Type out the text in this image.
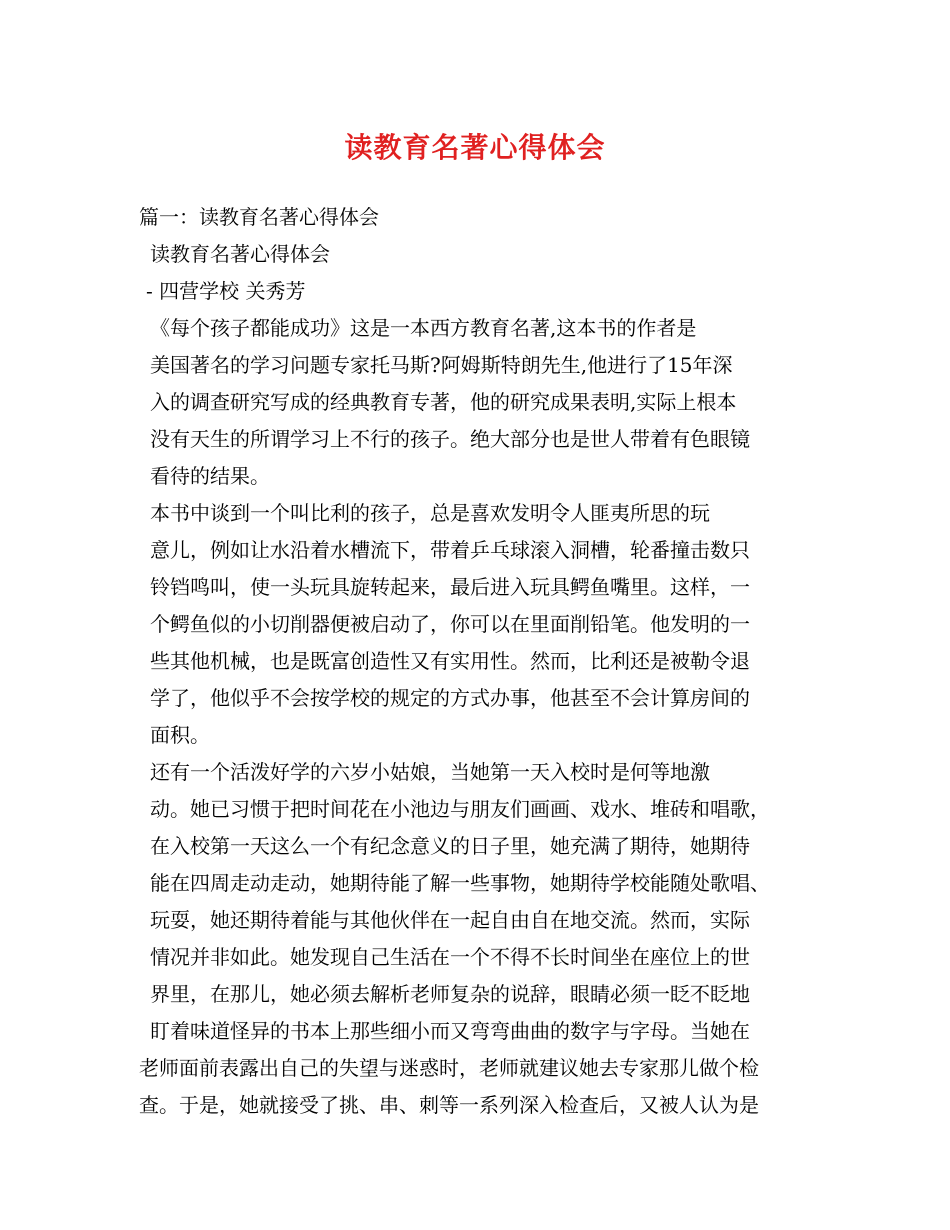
读教育名著心得体会
篇一：读教育名著心得体会
读教育名著心得体会
- 四营学校 关秀芳
《每个孩子都能成功》这是一本西方教育名著,这本书的作者是
美国著名的学习问题专家托马斯?阿姆斯特朗先生,他进行了15年深
入的调查研究写成的经典教育专著，他的研究成果表明,实际上根本
没有天生的所谓学习上不行的孩子。绝大部分也是世人带着有色眼镜
看待的结果。
本书中谈到一个叫比利的孩子，总是喜欢发明令人匪夷所思的玩
意儿，例如让水沿着水槽流下，带着乒乓球滚入洞槽，轮番撞击数只
铃铛鸣叫，使一头玩具旋转起来，最后进入玩具鳄鱼嘴里。这样，一
个鳄鱼似的小切削器便被启动了，你可以在里面削铅笔。他发明的一
些其他机械，也是既富创造性又有实用性。然而，比利还是被勒令退
学了，他似乎不会按学校的规定的方式办事，他甚至不会计算房间的
面积。
还有一个活泼好学的六岁小姑娘，当她第一天入校时是何等地激
动。她已习惯于把时间花在小池边与朋友们画画、戏水、堆砖和唱歌，
在入校第一天这么一个有纪念意义的日子里，她充满了期待，她期待
能在四周走动走动，她期待能了解一些事物，她期待学校能随处歌唱、
玩耍，她还期待着能与其他伙伴在一起自由自在地交流。然而，实际
情况并非如此。她发现自己生活在一个不得不长时间坐在座位上的世
界里，在那儿，她必须去解析老师复杂的说辞，眼睛必须一眨不眨地
盯着味道怪异的书本上那些细小而又弯弯曲曲的数字与字母。当她在
老师面前表露出自己的失望与迷惑时，老师就建议她去专家那儿做个检
查。于是，她就接受了挑、串、刺等一系列深入检查后，又被人认为是
